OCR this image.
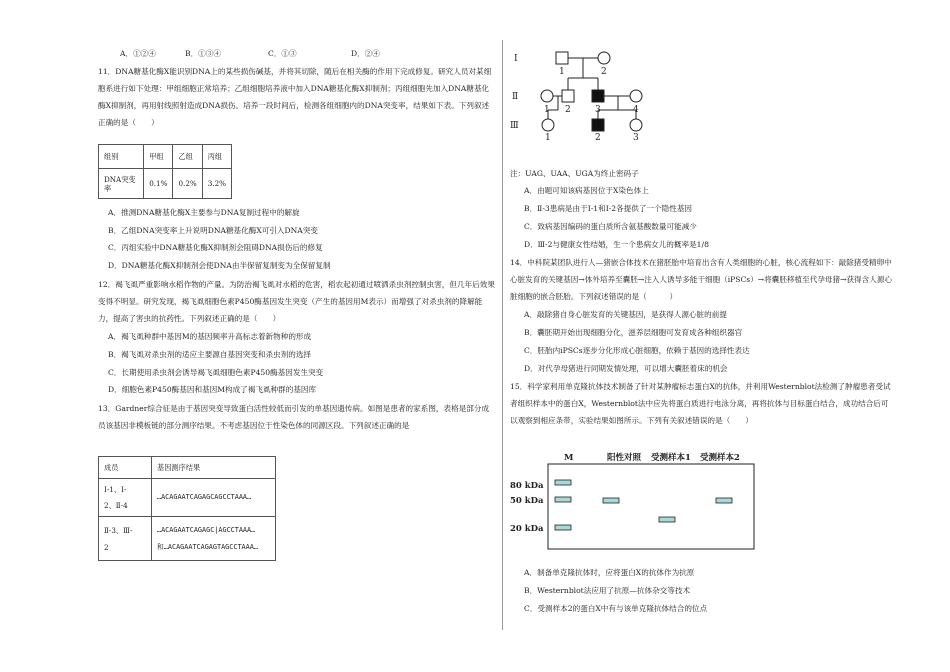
A．①②④	B．①③④	C．①③	D．②④
11．DNA糖基化酶X能识别DNA上的某些损伤碱基，并将其切除，随后在相关酶的作用下完成修复。研究人员对某细胞系进行如下处理：甲组细胞正常培养；乙组细胞培养液中加入DNA糖基化酶X抑制剂；丙组细胞先加入DNA糖基化酶X抑制剂，再用射线照射造成DNA损伤。培养一段时间后，检测各组细胞内的DNA突变率，结果如下表。下列叙述正确的是（　　）
组别	甲组	乙组	丙组
DNA突变率	0.1%	0.2%	3.2%
A．推测DNA糖基化酶X主要参与DNA复制过程中的解旋
B．乙组DNA突变率上升说明DNA糖基化酶X可引入DNA突变
C．丙组实验中DNA糖基化酶X抑制剂会阻碍DNA损伤后的修复
D．DNA糖基化酶X抑制剂会使DNA由半保留复制变为全保留复制
12．褐飞虱严重影响水稻作物的产量。为防治褐飞虱对水稻的危害，稻农起初通过喷洒杀虫剂控制虫害，但几年后效果变得不明显。研究发现，褐飞虱细胞色素P450酶基因发生突变（产生的基因用M表示）而增强了对杀虫剂的降解能力，提高了害虫的抗药性。下列叙述正确的是（　　）
A．褐飞虱种群中基因M的基因频率升高标志着新物种的形成
B．褐飞虱对杀虫剂的适应主要源自基因突变和杀虫剂的选择
C．长期使用杀虫剂会诱导褐飞虱细胞色素P450酶基因发生突变
D．细胞色素P450酶基因和基因M构成了褐飞虱种群的基因库
13．Gardner综合征是由于基因突变导致蛋白活性较低而引发的单基因遗传病。如图是患者的家系图，表格是部分成员该基因非模板链的部分测序结果。不考虑基因位于性染色体的同源区段。下列叙述正确的是
成员	基因测序结果
Ⅰ-1、Ⅰ-
2、Ⅱ-4	…ACAGAATCAGAGCAGCCTAAA…
Ⅱ-3、Ⅲ-
2	…ACAGAATCAGAGC|AGCCTAAA…
和…ACAGAATCAGAGTAGCCTAAA…
Ⅰ
Ⅱ
Ⅲ
1	2
1 2	3	4
1	2	3
注：UAG、UAA、UGA为终止密码子
A．由题可知该病基因位于X染色体上
B．Ⅱ-3患病是由于Ⅰ-1和Ⅰ-2各提供了一个隐性基因
C．致病基因编码的蛋白质所含氨基酸数量可能减少
D．Ⅲ-2与健康女性结婚，生一个患病女儿的概率是1/8
14．中科院某团队进行人—猪嵌合体技术在猪胚胎中培育出含有人类细胞的心脏，核心流程如下：敲除猪受精卵中心脏发育的关键基因→体外培养至囊胚→注入人诱导多能干细胞（iPSCs）→将囊胚移植至代孕母猪→获得含人源心脏细胞的嵌合胚胎。下列叙述错误的是（　　　）
A．敲除猪自身心脏发育的关键基因，是获得人源心脏的前提
B．囊胚期开始出现细胞分化，滋养层细胞可发育成各种组织器官
C．胚胎内iPSCs逐步分化形成心脏细胞，依赖于基因的选择性表达
D．对代孕母猪进行同期发情处理，可以增大囊胚着床的机会
15．科学家利用单克隆抗体技术制备了针对某肿瘤标志蛋白X的抗体，并利用Westernblot法检测了肿瘤患者受试者组织样本中的蛋白X，Westernblot法中应先将蛋白质进行电泳分离，再将抗体与目标蛋白结合，成功结合后可以观察到相应条带，实验结果如图所示。下列有关叙述错误的是（　　）
M	阳性对照 受测样本1 受测样本2
80 kDa
50 kDa
20 kDa
A．制备单克隆抗体时，应将蛋白X的抗体作为抗原
B．Westernblot法应用了抗原—抗体杂交等技术
C．受测样本2的蛋白X中有与该单克隆抗体结合的位点
